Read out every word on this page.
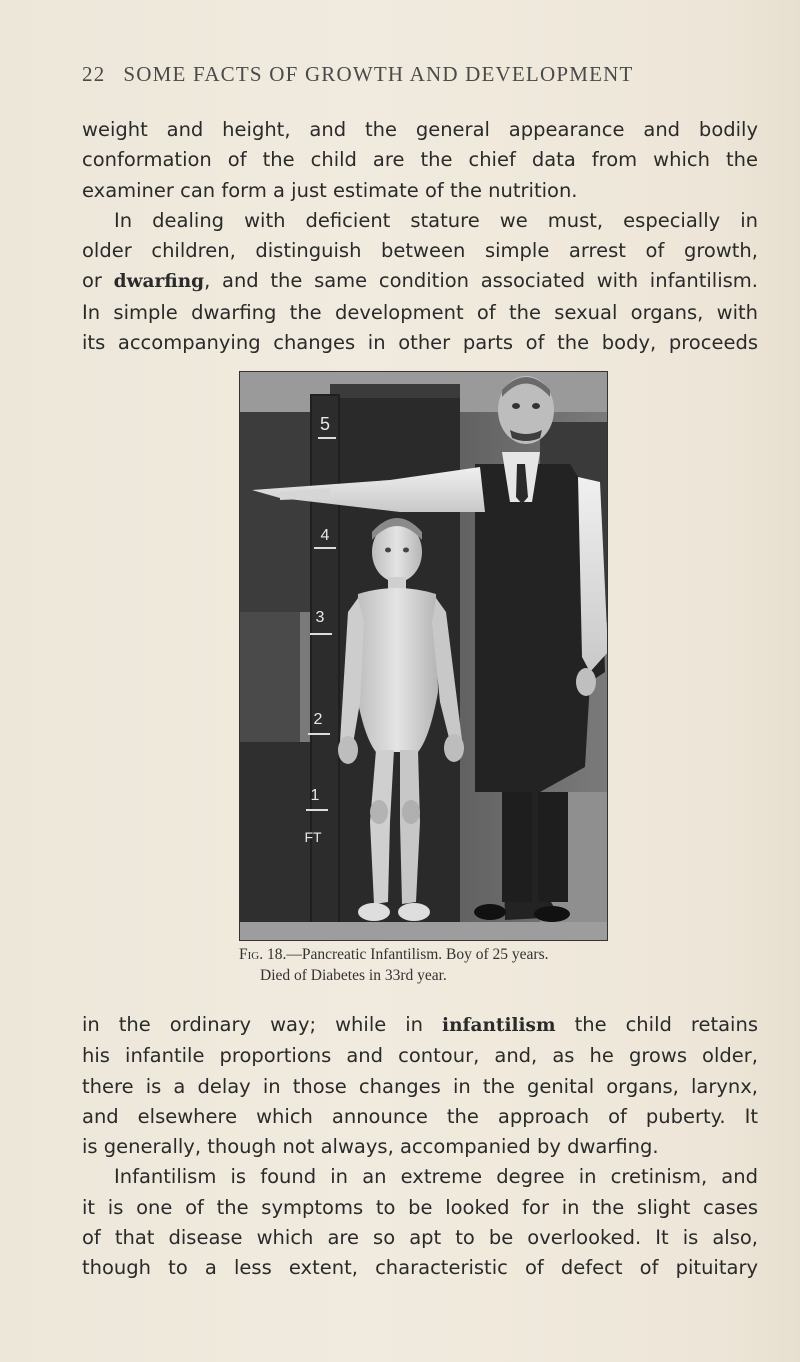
22 SOME FACTS OF GROWTH AND DEVELOPMENT
weight and height, and the general appearance and bodily
conformation of the child are the chief data from which the
examiner can form a just estimate of the nutrition.
In dealing with deficient stature we must, especially in
older children, distinguish between simple arrest of growth,
or dwarfing, and the same condition associated with infantilism.
In simple dwarfing the development of the sexual organs, with
its accompanying changes in other parts of the body, proceeds
5
4
3
2
1
FT
Fig. 18.—Pancreatic Infantilism. Boy of 25 years.
Died of Diabetes in 33rd year.
in the ordinary way; while in infantilism the child retains
his infantile proportions and contour, and, as he grows older,
there is a delay in those changes in the genital organs, larynx,
and elsewhere which announce the approach of puberty. It
is generally, though not always, accompanied by dwarfing.
Infantilism is found in an extreme degree in cretinism, and
it is one of the symptoms to be looked for in the slight cases
of that disease which are so apt to be overlooked. It is also,
though to a less extent, characteristic of defect of pituitary
